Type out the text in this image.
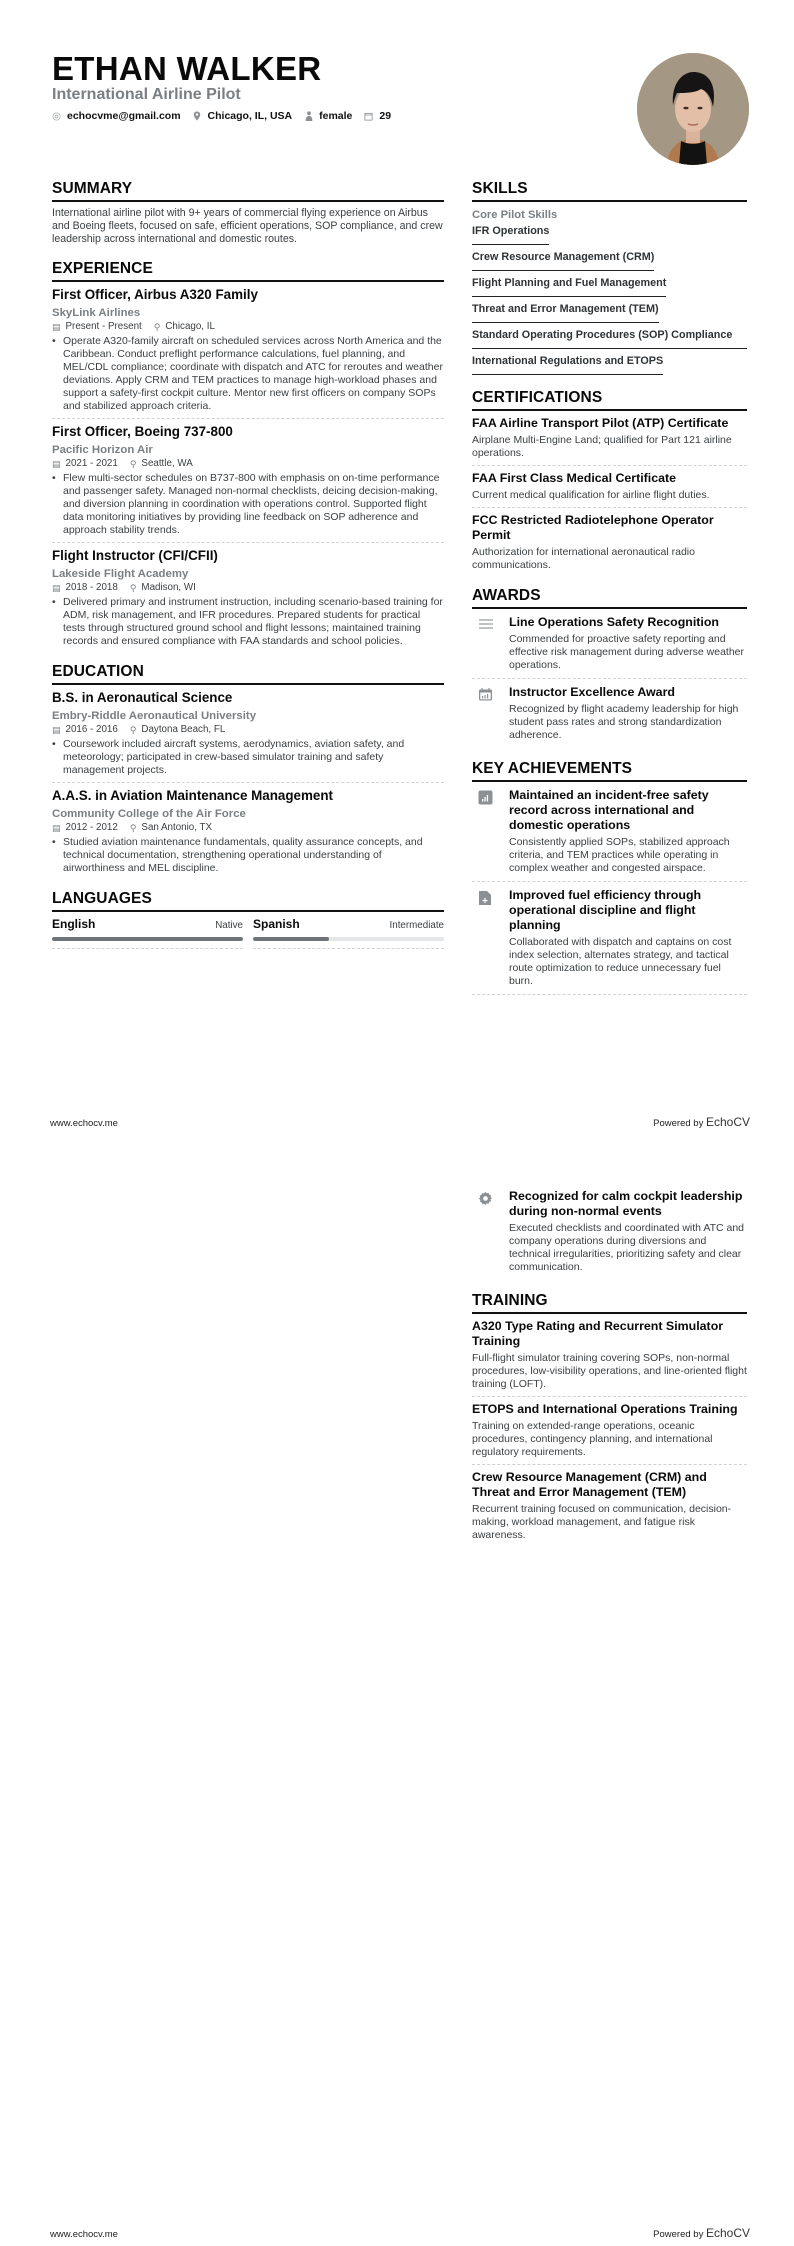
ETHAN WALKER
International Airline Pilot
echocvme@gmail.com	Chicago, IL, USA	female	29
SUMMARY
International airline pilot with 9+ years of commercial flying experience on Airbus and Boeing fleets, focused on safe, efficient operations, SOP compliance, and crew leadership across international and domestic routes.
EXPERIENCE
First Officer, Airbus A320 Family
SkyLink Airlines
▤ Present - Present ⚲ Chicago, IL
• Operate A320-family aircraft on scheduled services across North America and the Caribbean. Conduct preflight performance calculations, fuel planning, and MEL/CDL compliance; coordinate with dispatch and ATC for reroutes and weather deviations. Apply CRM and TEM practices to manage high-workload phases and support a safety-first cockpit culture. Mentor new first officers on company SOPs and stabilized approach criteria.
First Officer, Boeing 737-800
Pacific Horizon Air
▤ 2021 - 2021 ⚲ Seattle, WA
• Flew multi-sector schedules on B737-800 with emphasis on on-time performance and passenger safety. Managed non-normal checklists, deicing decision-making, and diversion planning in coordination with operations control. Supported flight data monitoring initiatives by providing line feedback on SOP adherence and approach stability trends.
Flight Instructor (CFI/CFII)
Lakeside Flight Academy
▤ 2018 - 2018 ⚲ Madison, WI
• Delivered primary and instrument instruction, including scenario-based training for ADM, risk management, and IFR procedures. Prepared students for practical tests through structured ground school and flight lessons; maintained training records and ensured compliance with FAA standards and school policies.
EDUCATION
B.S. in Aeronautical Science
Embry-Riddle Aeronautical University
▤ 2016 - 2016 ⚲ Daytona Beach, FL
• Coursework included aircraft systems, aerodynamics, aviation safety, and meteorology; participated in crew-based simulator training and safety management projects.
A.A.S. in Aviation Maintenance Management
Community College of the Air Force
▤ 2012 - 2012 ⚲ San Antonio, TX
• Studied aviation maintenance fundamentals, quality assurance concepts, and technical documentation, strengthening operational understanding of airworthiness and MEL discipline.
LANGUAGES
English	Native Spanish	Intermediate
SKILLS
Core Pilot Skills
IFR Operations
Crew Resource Management (CRM)
Flight Planning and Fuel Management
Threat and Error Management (TEM)
Standard Operating Procedures (SOP) Compliance
International Regulations and ETOPS
CERTIFICATIONS
FAA Airline Transport Pilot (ATP) Certificate
Airplane Multi-Engine Land; qualified for Part 121 airline operations.
FAA First Class Medical Certificate
Current medical qualification for airline flight duties.
FCC Restricted Radiotelephone Operator Permit
Authorization for international aeronautical radio communications.
AWARDS
Line Operations Safety Recognition
Commended for proactive safety reporting and effective risk management during adverse weather operations.
Instructor Excellence Award
Recognized by flight academy leadership for high student pass rates and strong standardization adherence.
KEY ACHIEVEMENTS
Maintained an incident-free safety record across international and domestic operations
Consistently applied SOPs, stabilized approach criteria, and TEM practices while operating in complex weather and congested airspace.
Improved fuel efficiency through operational discipline and flight planning
Collaborated with dispatch and captains on cost index selection, alternates strategy, and tactical route optimization to reduce unnecessary fuel burn.
www.echocv.me	Powered by EchoCV
Recognized for calm cockpit leadership during non-normal events
Executed checklists and coordinated with ATC and company operations during diversions and technical irregularities, prioritizing safety and clear communication.
TRAINING
A320 Type Rating and Recurrent Simulator Training
Full-flight simulator training covering SOPs, non-normal procedures, low-visibility operations, and line-oriented flight training (LOFT).
ETOPS and International Operations Training
Training on extended-range operations, oceanic procedures, contingency planning, and international regulatory requirements.
Crew Resource Management (CRM) and Threat and Error Management (TEM)
Recurrent training focused on communication, decision-making, workload management, and fatigue risk awareness.
www.echocv.me	Powered by EchoCV
